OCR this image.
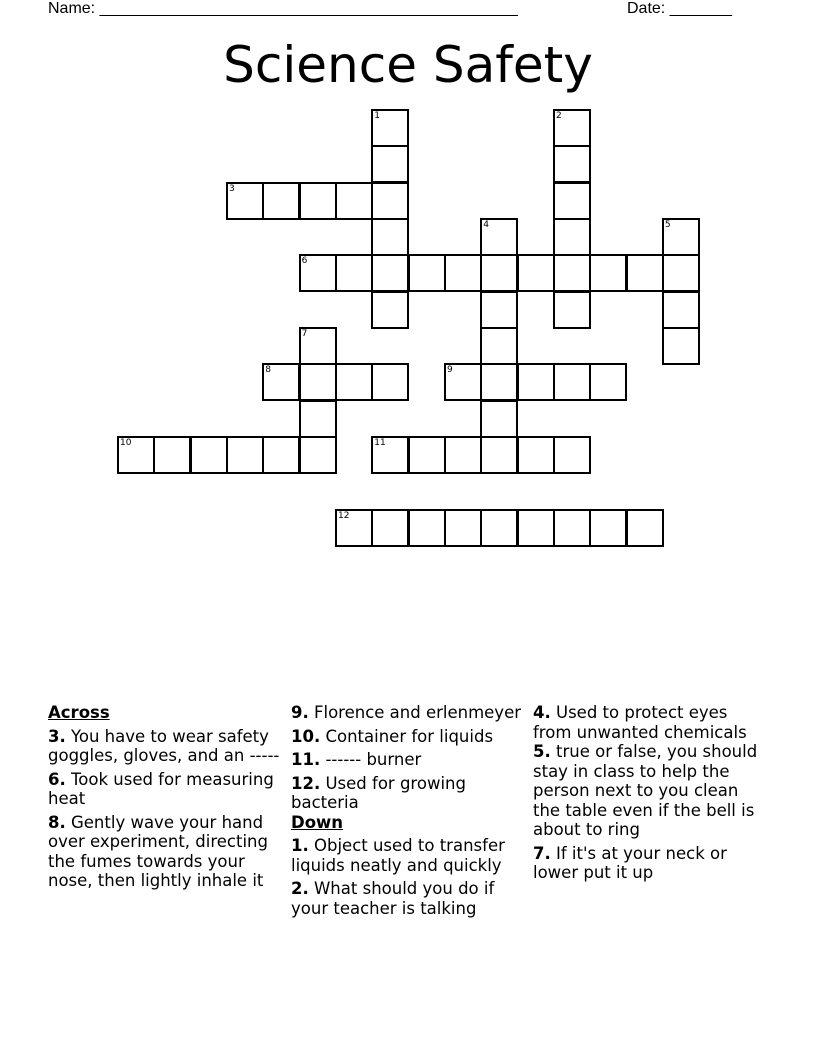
Name: _______________________________________________	Date: _______
Science Safety
1	2
3
4	5
6
7
8	9
10	11
12
Across
3. You have to wear safety goggles, gloves, and an -----
6. Took used for measuring heat
8. Gently wave your hand over experiment, directing the fumes towards your nose, then lightly inhale it
9. Florence and erlenmeyer
10. Container for liquids
11. ------ burner
12. Used for growing bacteria
Down
1. Object used to transfer liquids neatly and quickly
2. What should you do if your teacher is talking
4. Used to protect eyes from unwanted chemicals
5. true or false, you should stay in class to help the person next to you clean the table even if the bell is about to ring
7. If it's at your neck or lower put it up
